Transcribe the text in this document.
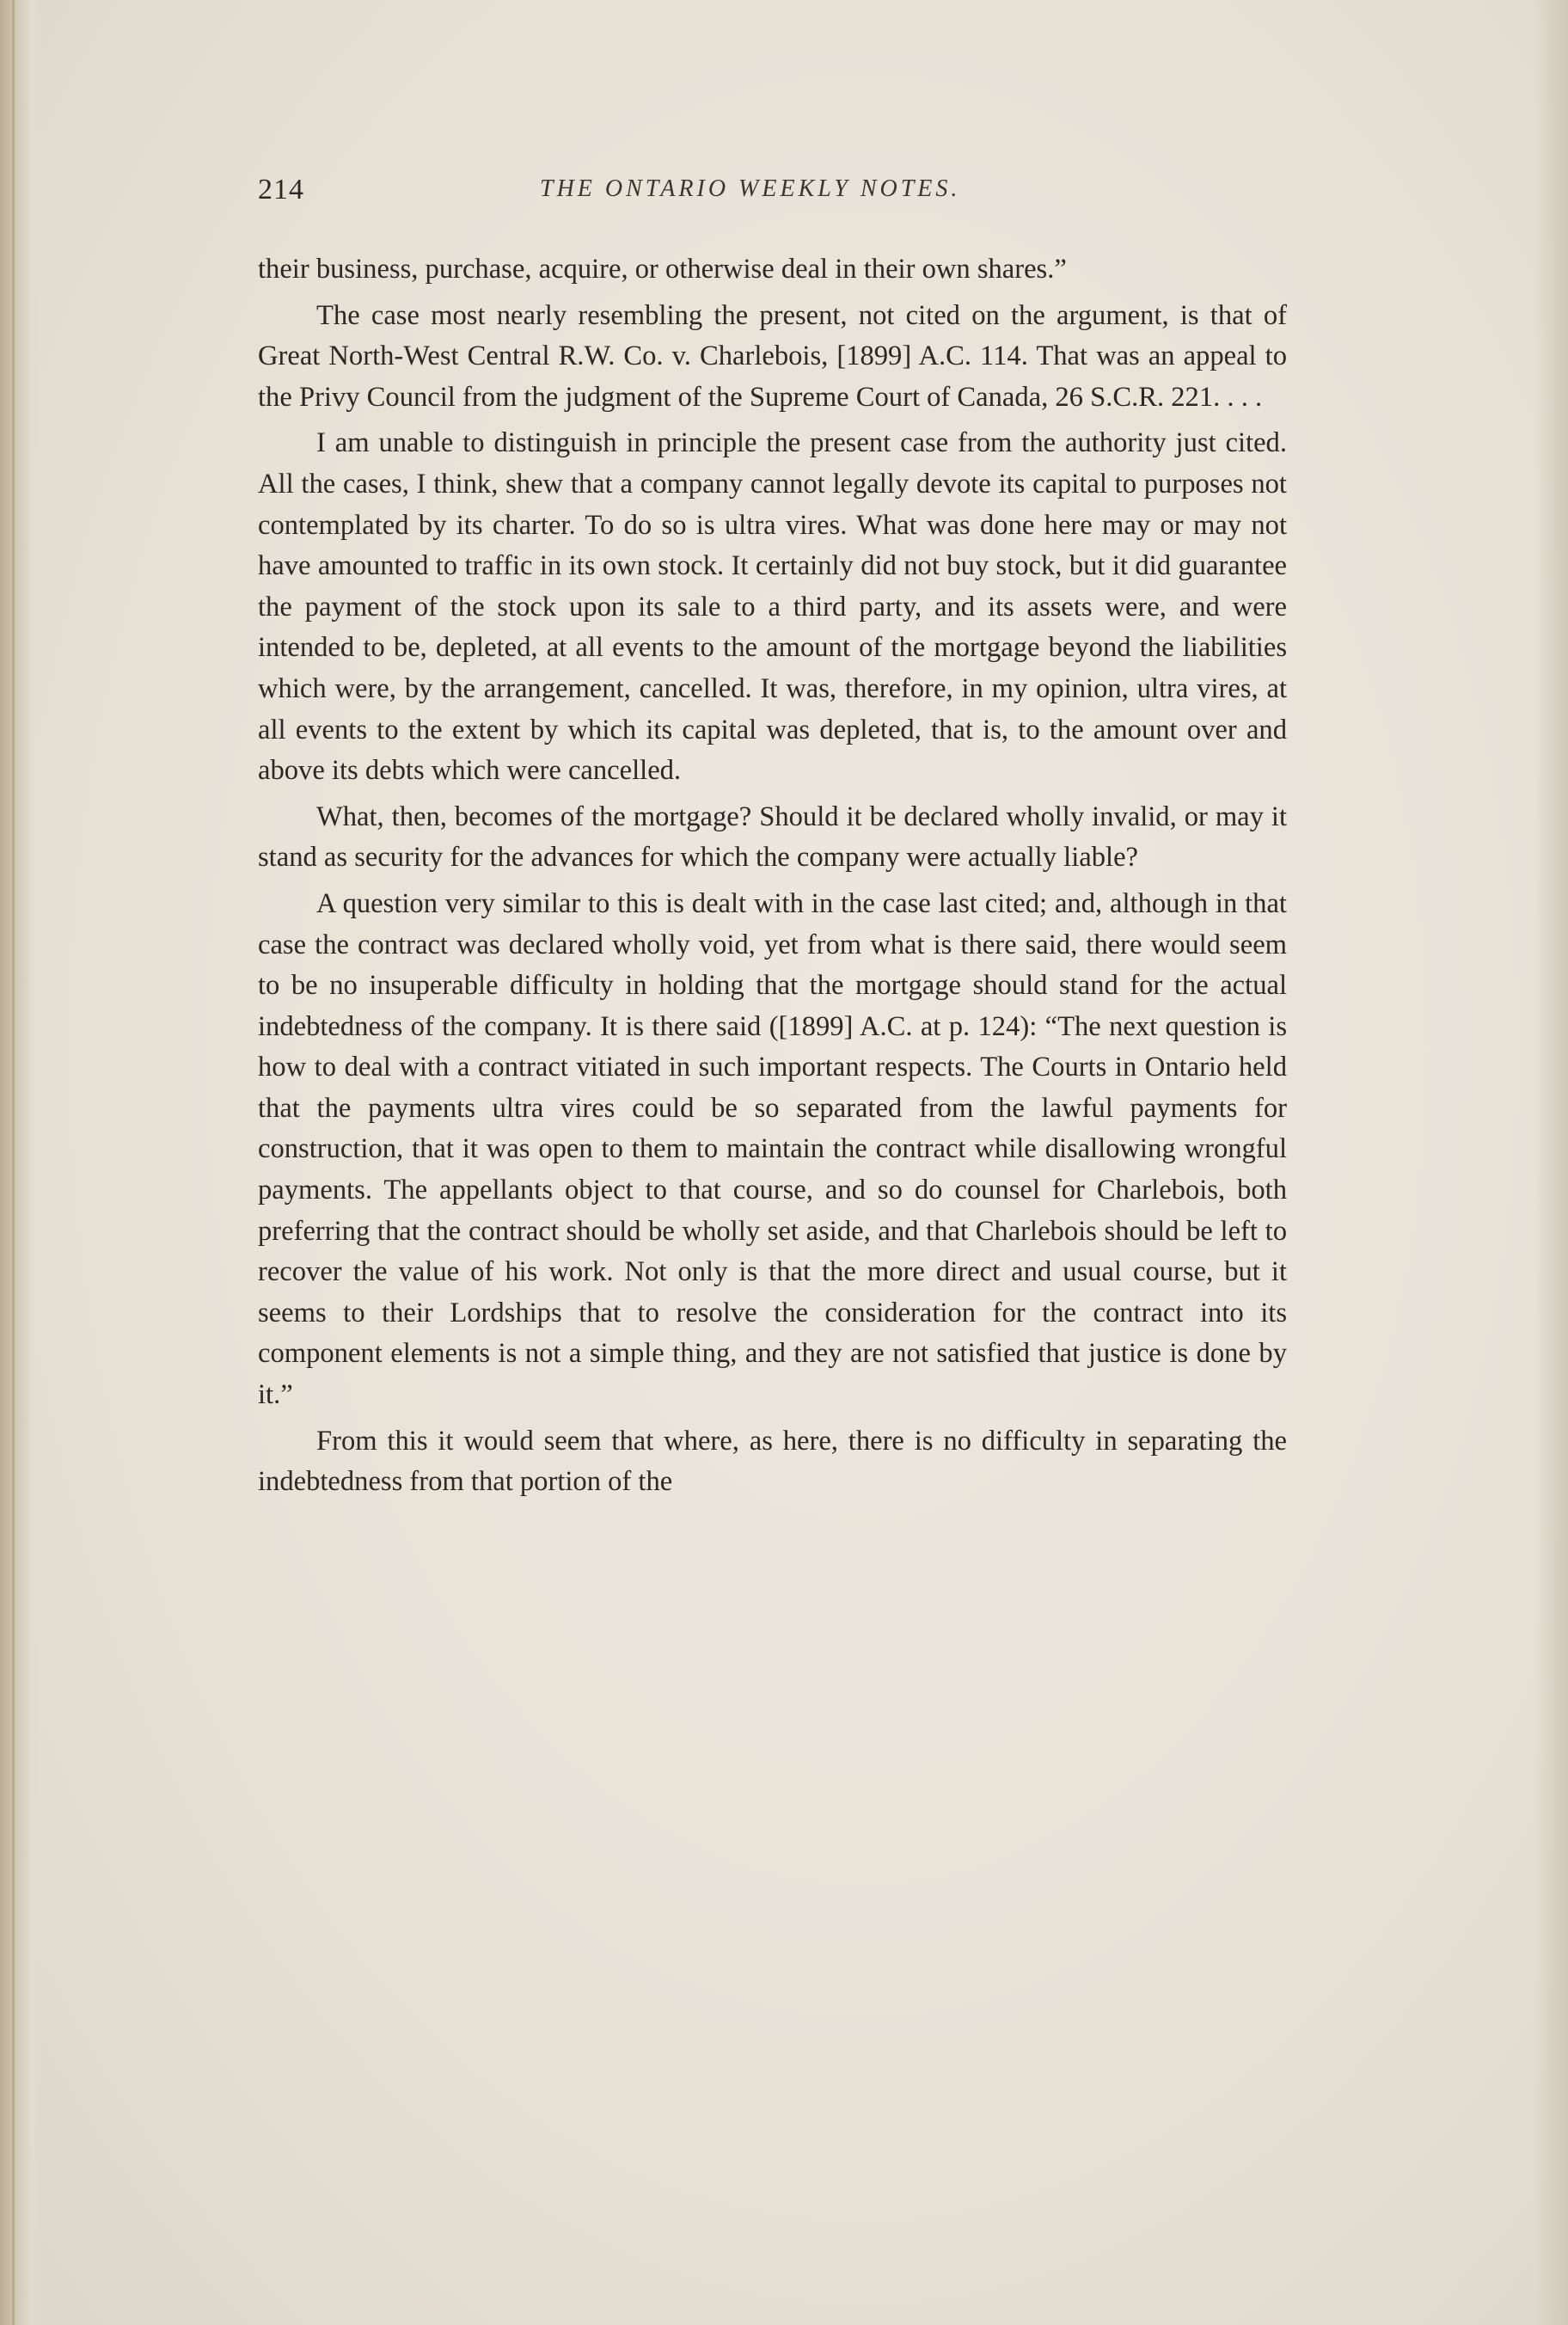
214	THE ONTARIO WEEKLY NOTES.

their business, purchase, acquire, or otherwise deal in their own shares.”

The case most nearly resembling the present, not cited on the argument, is that of Great North-West Central R.W. Co. v. Charlebois, [1899] A.C. 114. That was an appeal to the Privy Council from the judgment of the Supreme Court of Canada, 26 S.C.R. 221. . . .

I am unable to distinguish in principle the present case from the authority just cited. All the cases, I think, shew that a company cannot legally devote its capital to purposes not contemplated by its charter. To do so is ultra vires. What was done here may or may not have amounted to traffic in its own stock. It certainly did not buy stock, but it did guarantee the payment of the stock upon its sale to a third party, and its assets were, and were intended to be, depleted, at all events to the amount of the mortgage beyond the liabilities which were, by the arrangement, cancelled. It was, therefore, in my opinion, ultra vires, at all events to the extent by which its capital was depleted, that is, to the amount over and above its debts which were cancelled.

What, then, becomes of the mortgage? Should it be declared wholly invalid, or may it stand as security for the advances for which the company were actually liable?

A question very similar to this is dealt with in the case last cited; and, although in that case the contract was declared wholly void, yet from what is there said, there would seem to be no insuperable difficulty in holding that the mortgage should stand for the actual indebtedness of the company. It is there said ([1899] A.C. at p. 124): “The next question is how to deal with a contract vitiated in such important respects. The Courts in Ontario held that the payments ultra vires could be so separated from the lawful payments for construction, that it was open to them to maintain the contract while disallowing wrongful payments. The appellants object to that course, and so do counsel for Charlebois, both preferring that the contract should be wholly set aside, and that Charlebois should be left to recover the value of his work. Not only is that the more direct and usual course, but it seems to their Lordships that to resolve the consideration for the contract into its component elements is not a simple thing, and they are not satisfied that justice is done by it.”

From this it would seem that where, as here, there is no difficulty in separating the indebtedness from that portion of the
